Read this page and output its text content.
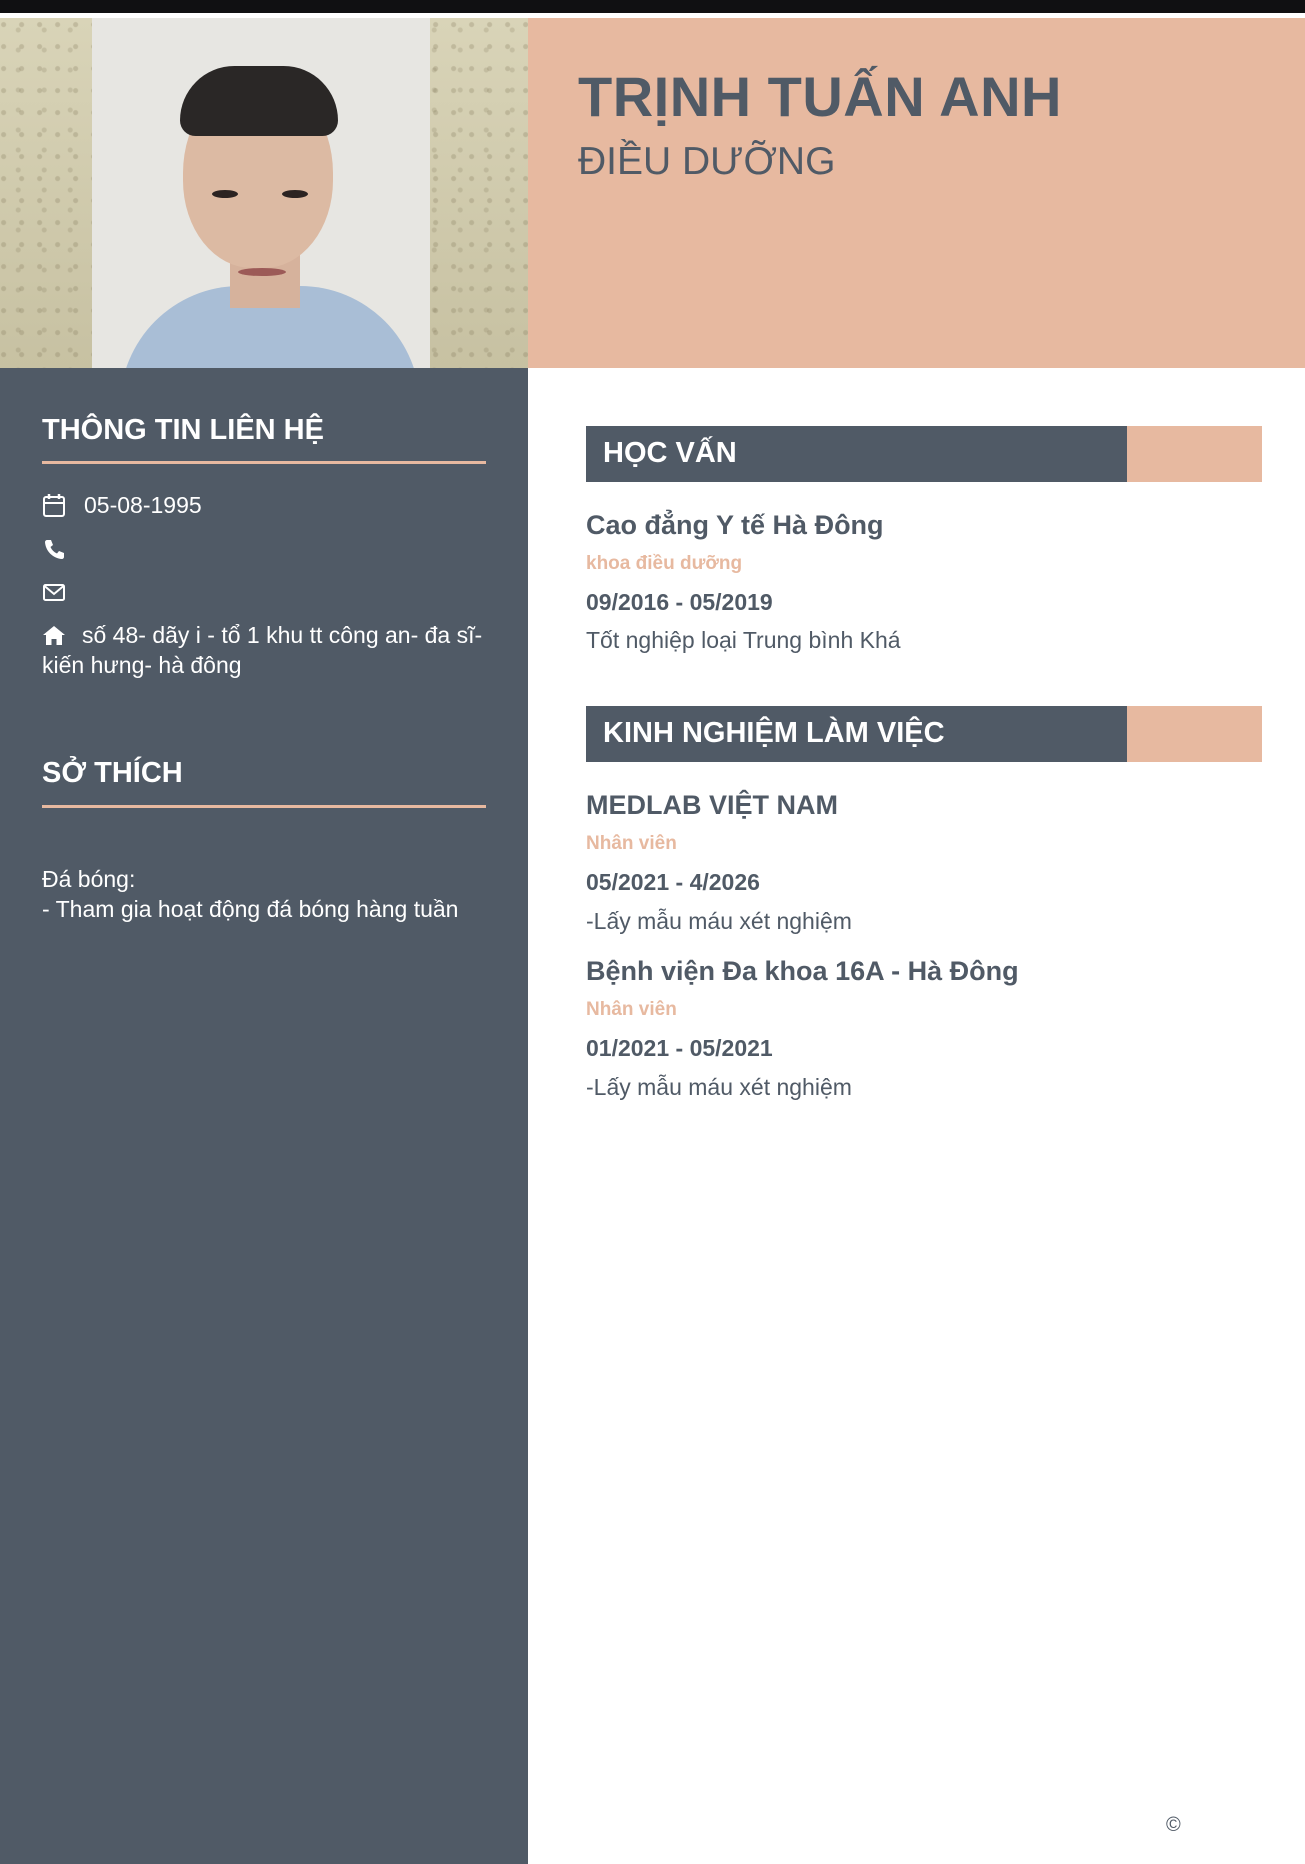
TRỊNH TUẤN ANH
ĐIỀU DƯỠNG
THÔNG TIN LIÊN HỆ
05-08-1995
số 48- dãy i - tổ 1 khu tt công an- đa sĩ-
kiến hưng- hà đông
SỞ THÍCH
Đá bóng:
- Tham gia hoạt động đá bóng hàng tuần
HỌC VẤN
Cao đẳng Y tế Hà Đông
khoa điều dưỡng
09/2016 - 05/2019
Tốt nghiệp loại Trung bình Khá
KINH NGHIỆM LÀM VIỆC
MEDLAB VIỆT NAM
Nhân viên
05/2021 - 4/2026
-Lấy mẫu máu xét nghiệm
Bệnh viện Đa khoa 16A - Hà Đông
Nhân viên
01/2021 - 05/2021
-Lấy mẫu máu xét nghiệm
©
